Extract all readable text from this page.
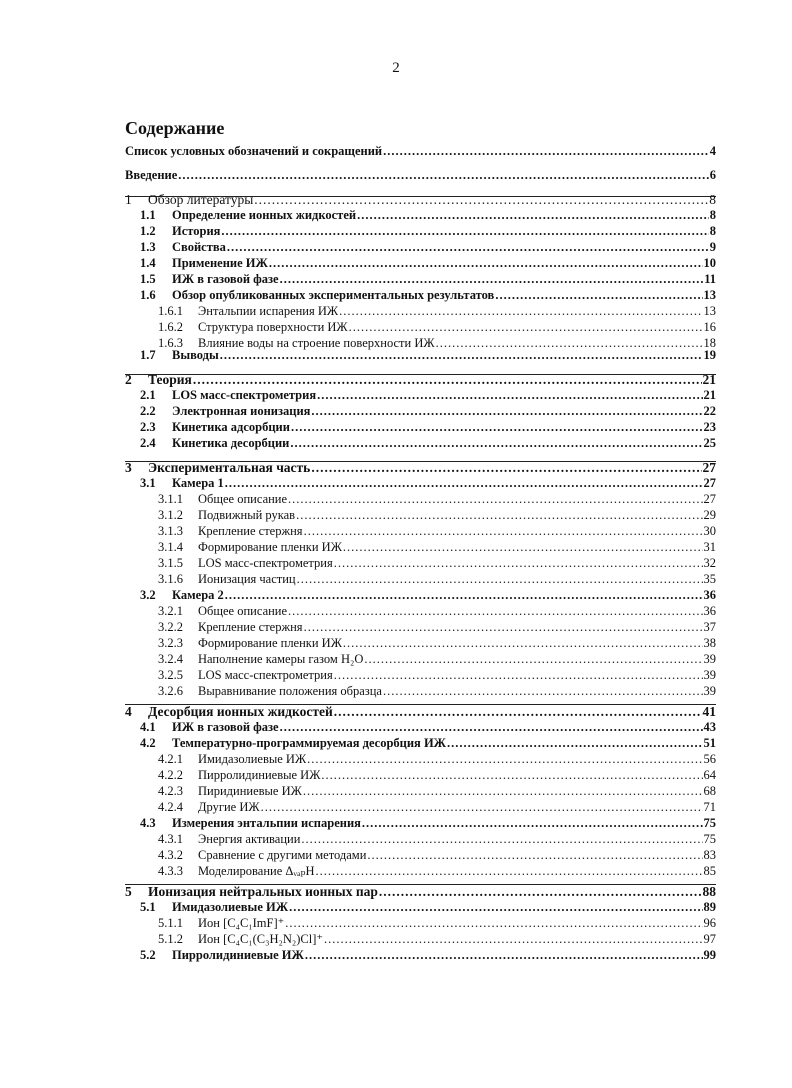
2
Содержание
Список условных обозначений и сокращений .....	4
Введение .....	6
1 Обзор литературы .....	8
1.1 Определение ионных жидкостей .....	8
1.2 История .....	8
1.3 Свойства .....	9
1.4 Применение ИЖ .....	10
1.5 ИЖ в газовой фазе .....	11
1.6 Обзор опубликованных экспериментальных результатов .....	13
1.6.1 Энтальпии испарения ИЖ .....	13
1.6.2 Структура поверхности ИЖ .....	16
1.6.3 Влияние воды на строение поверхности ИЖ .....	18
1.7 Выводы .....	19
2 Теория .....	21
2.1 LOS масс-спектрометрия .....	21
2.2 Электронная ионизация .....	22
2.3 Кинетика адсорбции .....	23
2.4 Кинетика десорбции .....	25
3 Экспериментальная часть .....	27
3.1 Камера 1 .....	27
3.1.1 Общее описание .....	27
3.1.2 Подвижный рукав .....	29
3.1.3 Крепление стержня .....	30
3.1.4 Формирование пленки ИЖ .....	31
3.1.5 LOS масс-спектрометрия .....	32
3.1.6 Ионизация частиц .....	35
3.2 Камера 2 .....	36
3.2.1 Общее описание .....	36
3.2.2 Крепление стержня .....	37
3.2.3 Формирование пленки ИЖ .....	38
3.2.4 Наполнение камеры газом H₂O .....	39
3.2.5 LOS масс-спектрометрия .....	39
3.2.6 Выравнивание положения образца .....	39
4 Десорбция ионных жидкостей .....	41
4.1 ИЖ в газовой фазе .....	43
4.2 Температурно-программируемая десорбция ИЖ .....	51
4.2.1 Имидазолиевые ИЖ .....	56
4.2.2 Пирролидиниевые ИЖ .....	64
4.2.3 Пиридиниевые ИЖ .....	68
4.2.4 Другие ИЖ .....	71
4.3 Измерения энтальпии испарения .....	75
4.3.1 Энергия активации .....	75
4.3.2 Сравнение с другими методами .....	83
4.3.3 Моделирование ΔᵥₐₚH .....	85
5 Ионизация нейтральных ионных пар .....	88
5.1 Имидазолиевые ИЖ .....	89
5.1.1 Ион [C₄C₁ImF]⁺ .....	96
5.1.2 Ион [C₄C₁(C₃H₂N₂)Cl]⁺ .....	97
5.2 Пирролидиниевые ИЖ .....	99
